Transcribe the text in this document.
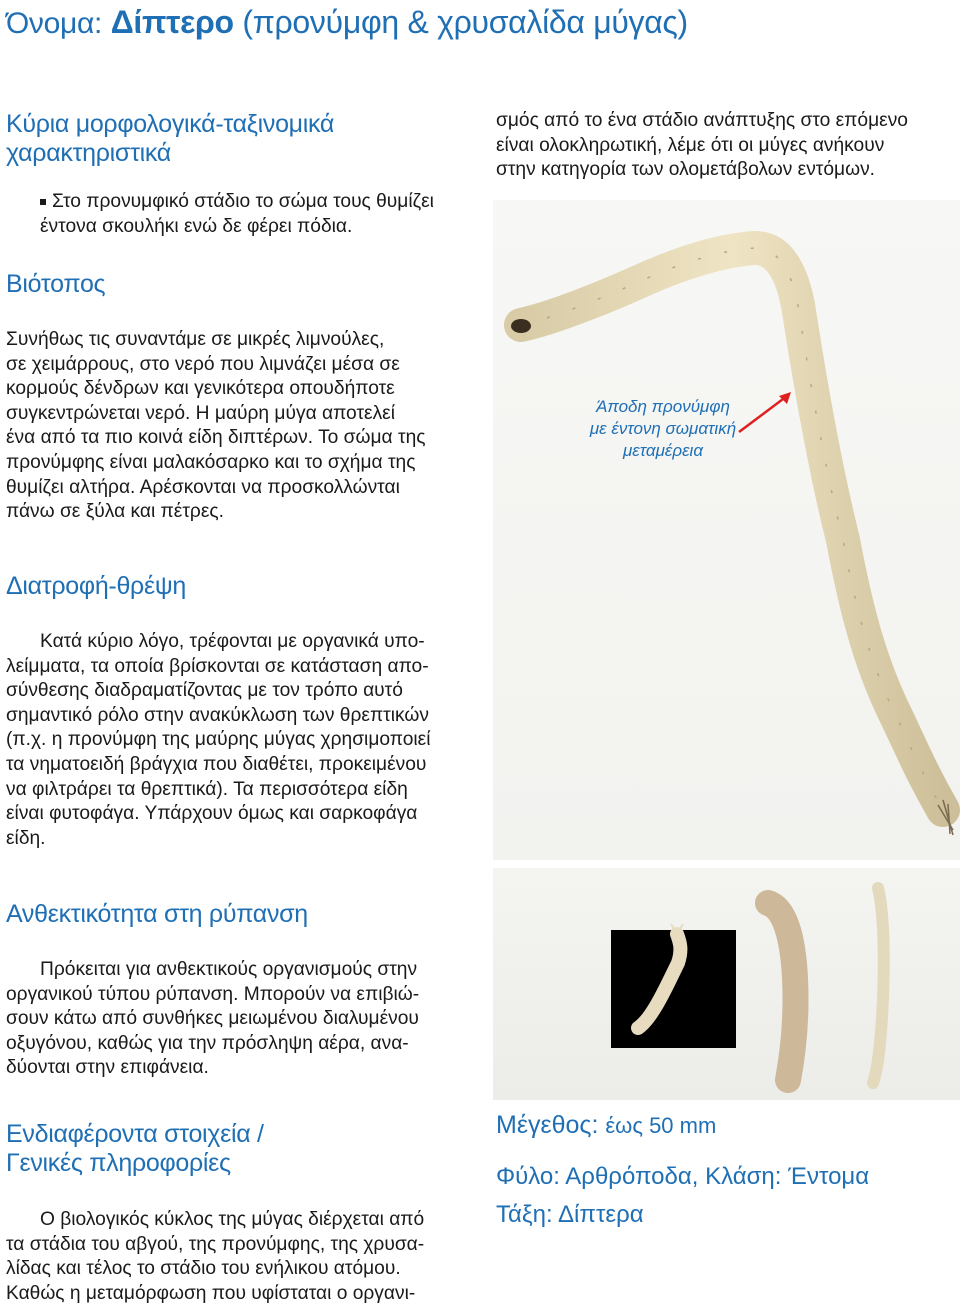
Όνομα: Δίπτερο (προνύμφη & χρυσαλίδα μύγας)
Κύρια μορφολογικά-ταξινομικά
χαρακτηριστικά
Στο προνυμφικό στάδιο το σώμα τους θυμίζει
έντονα σκουλήκι ενώ δε φέρει πόδια.
Βιότοπος
Συνήθως τις συναντάμε σε μικρές λιμνούλες,
σε χειμάρρους, στο νερό που λιμνάζει μέσα σε
κορμούς δένδρων και γενικότερα οπουδήποτε
συγκεντρώνεται νερό. Η μαύρη μύγα αποτελεί
ένα από τα πιο κοινά είδη διπτέρων. Το σώμα της
προνύμφης είναι μαλακόσαρκο και το σχήμα της
θυμίζει αλτήρα. Αρέσκονται να προσκολλώνται
πάνω σε ξύλα και πέτρες.
Διατροφή-θρέψη
Κατά κύριο λόγο, τρέφονται με οργανικά υπο-
λείμματα, τα οποία βρίσκονται σε κατάσταση απο-
σύνθεσης διαδραματίζοντας με τον τρόπο αυτό
σημαντικό ρόλο στην ανακύκλωση των θρεπτικών
(π.χ. η προνύμφη της μαύρης μύγας χρησιμοποιεί
τα νηματοειδή βράγχια που διαθέτει, προκειμένου
να φιλτράρει τα θρεπτικά). Τα περισσότερα είδη
είναι φυτοφάγα. Υπάρχουν όμως και σαρκοφάγα
είδη.
Ανθεκτικότητα στη ρύπανση
Πρόκειται για ανθεκτικούς οργανισμούς στην
οργανικού τύπου ρύπανση. Μπορούν να επιβιώ-
σουν κάτω από συνθήκες μειωμένου διαλυμένου
οξυγόνου, καθώς για την πρόσληψη αέρα, ανα-
δύονται στην επιφάνεια.
Ενδιαφέροντα στοιχεία /
Γενικές πληροφορίες
Ο βιολογικός κύκλος της μύγας διέρχεται από
τα στάδια του αβγού, της προνύμφης, της χρυσα-
λίδας και τέλος το στάδιο του ενήλικου ατόμου.
Καθώς η μεταμόρφωση που υφίσταται ο οργανι-
σμός από το ένα στάδιο ανάπτυξης στο επόμενο
είναι ολοκληρωτική, λέμε ότι οι μύγες ανήκουν
στην κατηγορία των ολομετάβολων εντόμων.
Άποδη προνύμφη
με έντονη σωματική
μεταμέρεια
Μέγεθος: έως 50 mm
Φύλο: Αρθρόποδα, Κλάση: Έντομα
Τάξη: Δίπτερα
